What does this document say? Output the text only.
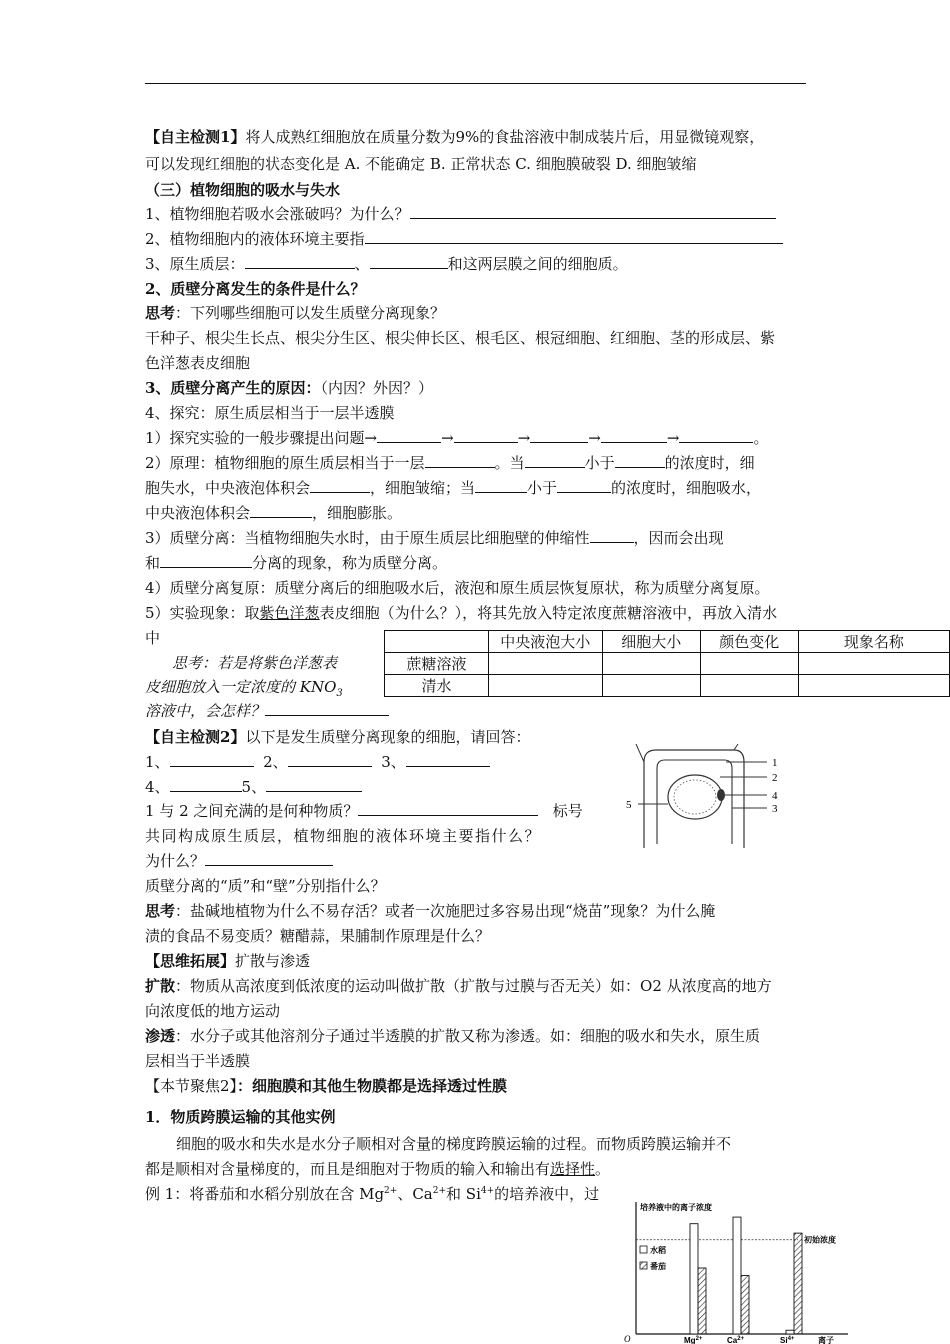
【自主检测1】将人成熟红细胞放在质量分数为9%的食盐溶液中制成装片后，用显微镜观察，
可以发现红细胞的状态变化是 A. 不能确定 B. 正常状态 C. 细胞膜破裂 D. 细胞皱缩
（三）植物细胞的吸水与失水
1、植物细胞若吸水会涨破吗？为什么？
2、植物细胞内的液体环境主要指
3、原生质层：	、	和这两层膜之间的细胞质。
2、质壁分离发生的条件是什么？
思考：下列哪些细胞可以发生质壁分离现象？
干种子、根尖生长点、根尖分生区、根尖伸长区、根毛区、根冠细胞、红细胞、茎的形成层、紫
色洋葱表皮细胞
3、质壁分离产生的原因：（内因？外因？）
4、探究：原生质层相当于一层半透膜
1）探究实验的一般步骤提出问题→	→	→	→	→	。
2）原理：植物细胞的原生质层相当于一层	。当	小于	的浓度时，细
胞失水，中央液泡体积会	，细胞皱缩；当	小于	的浓度时，细胞吸水，
中央液泡体积会	，细胞膨胀。
3）质壁分离：当植物细胞失水时，由于原生质层比细胞壁的伸缩性	，因而会出现
和	分离的现象，称为质壁分离。
4）质壁分离复原：质壁分离后的细胞吸水后，液泡和原生质层恢复原状，称为质壁分离复原。
5）实验现象：取紫色洋葱表皮细胞（为什么？），将其先放入特定浓度蔗糖溶液中，再放入清水
中
		中央液泡大小	细胞大小	颜色变化	现象名称
蔗糖溶液				
清水				
思考：若是将紫色洋葱表
皮细胞放入一定浓度的 $KNO_3$
溶液中，会怎样？
【自主检测2】以下是发生质壁分离现象的细胞，请回答：
1、	2、	3、
4、	5、
1 与 2 之间充满的是何种物质？	标号
共同构成原生质层，植物细胞的液体环境主要指什么？
为什么？
质壁分离的“质”和“壁”分别指什么？
1
2
4
3
5
思考：盐碱地植物为什么不易存活？或者一次施肥过多容易出现“烧苗”现象？为什么腌
渍的食品不易变质？糖醋蒜，果脯制作原理是什么？
【思维拓展】扩散与渗透
扩散：物质从高浓度到低浓度的运动叫做扩散（扩散与过膜与否无关）如：O2 从浓度高的地方
向浓度低的地方运动
渗透：水分子或其他溶剂分子通过半透膜的扩散又称为渗透。如：细胞的吸水和失水，原生质
层相当于半透膜
【本节聚焦2】：细胞膜和其他生物膜都是选择透过性膜
1．物质跨膜运输的其他实例
细胞的吸水和失水是水分子顺相对含量的梯度跨膜运输的过程。而物质跨膜运输并不
都是顺相对含量梯度的，而且是细胞对于物质的输入和输出有选择性。
例 1：将番茄和水稻分别放在含 $Mg^{2+}$、$Ca^{2+}$和 $Si^{4+}$的培养液中，过
培养液中的离子浓度
初始浓度
水稻
番茄
$Mg^{2+}$	$Ca^{2+}$	$Si^{4+}$
O	离子
